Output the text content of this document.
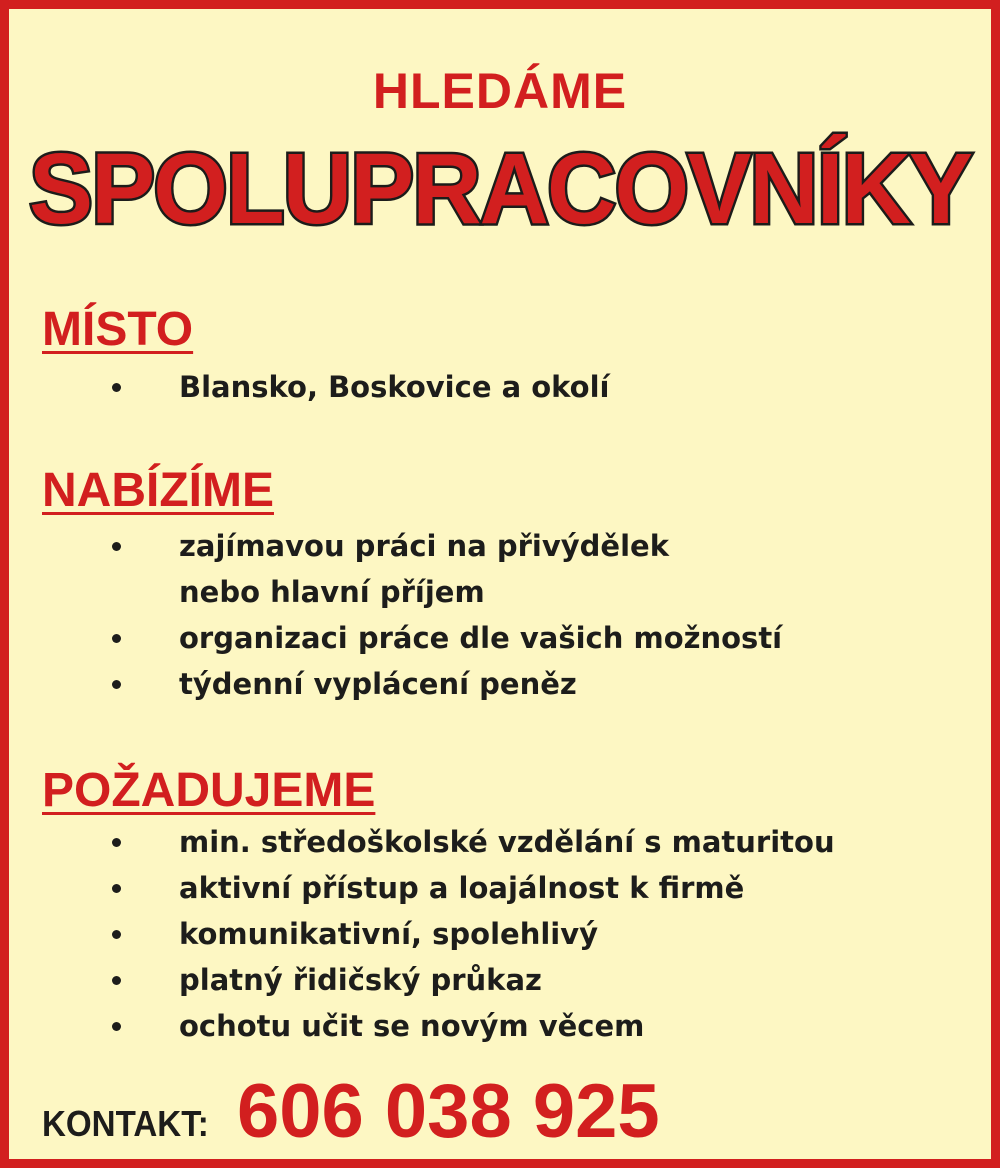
HLEDÁME
SPOLUPRACOVNÍKY
MÍSTO
Blansko, Boskovice a okolí
NABÍZÍME
zajímavou práci na přivýdělek
nebo hlavní příjem
organizaci práce dle vašich možností
týdenní vyplácení peněz
POŽADUJEME
min. středoškolské vzdělání s maturitou
aktivní přístup a loajálnost k firmě
komunikativní, spolehlivý
platný řidičský průkaz
ochotu učit se novým věcem
KONTAKT: 606 038 925
